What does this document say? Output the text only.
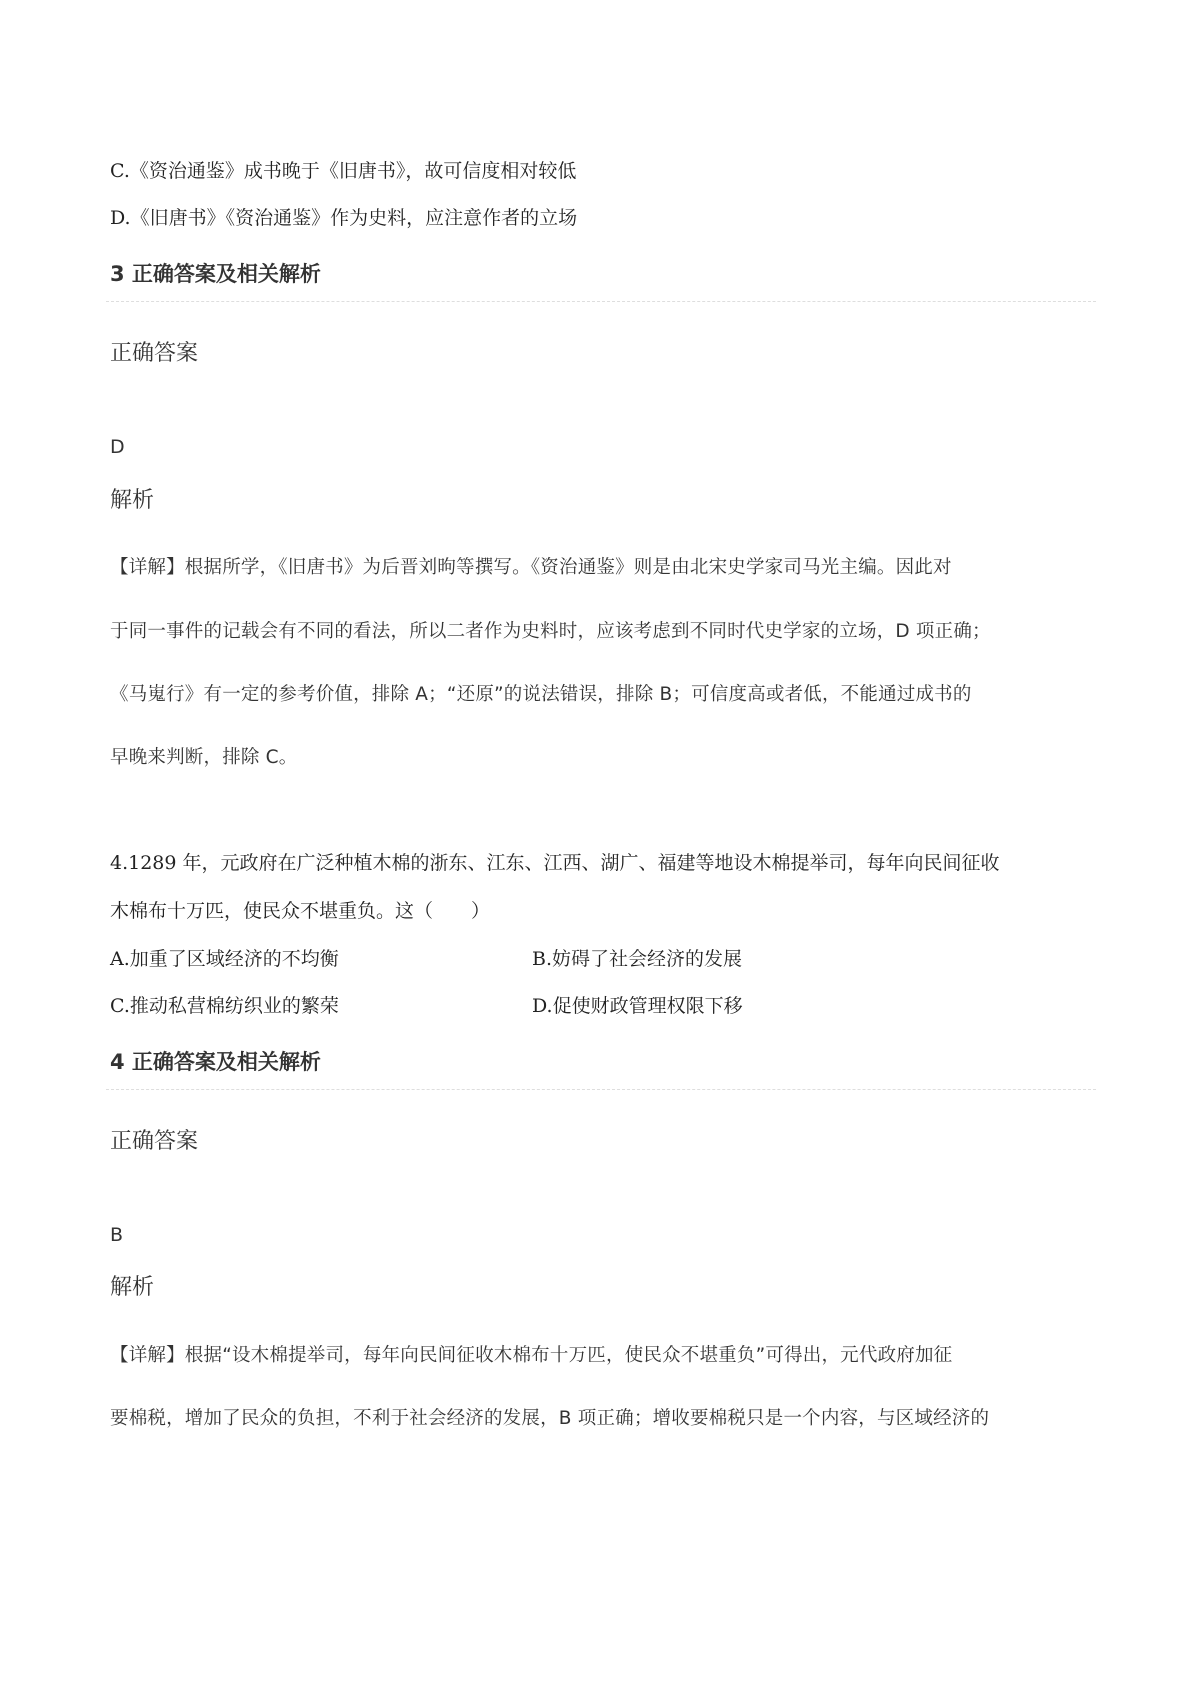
C.《资治通鉴》成书晚于《旧唐书》，故可信度相对较低
D.《旧唐书》《资治通鉴》作为史料，应注意作者的立场
3 正确答案及相关解析
正确答案
D
解析
【详解】根据所学，《旧唐书》为后晋刘昫等撰写。《资治通鉴》则是由北宋史学家司马光主编。因此对
于同一事件的记载会有不同的看法，所以二者作为史料时，应该考虑到不同时代史学家的立场，D 项正确；
《马嵬行》有一定的参考价值，排除 A；“还原”的说法错误，排除 B；可信度高或者低，不能通过成书的
早晚来判断，排除 C。
4.1289 年，元政府在广泛种植木棉的浙东、江东、江西、湖广、福建等地设木棉提举司，每年向民间征收
木棉布十万匹，使民众不堪重负。这（　　）
A.加重了区域经济的不均衡	B.妨碍了社会经济的发展
C.推动私营棉纺织业的繁荣	D.促使财政管理权限下移
4 正确答案及相关解析
正确答案
B
解析
【详解】根据“设木棉提举司，每年向民间征收木棉布十万匹，使民众不堪重负”可得出，元代政府加征
要棉税，增加了民众的负担，不利于社会经济的发展，B 项正确；增收要棉税只是一个内容，与区域经济的
